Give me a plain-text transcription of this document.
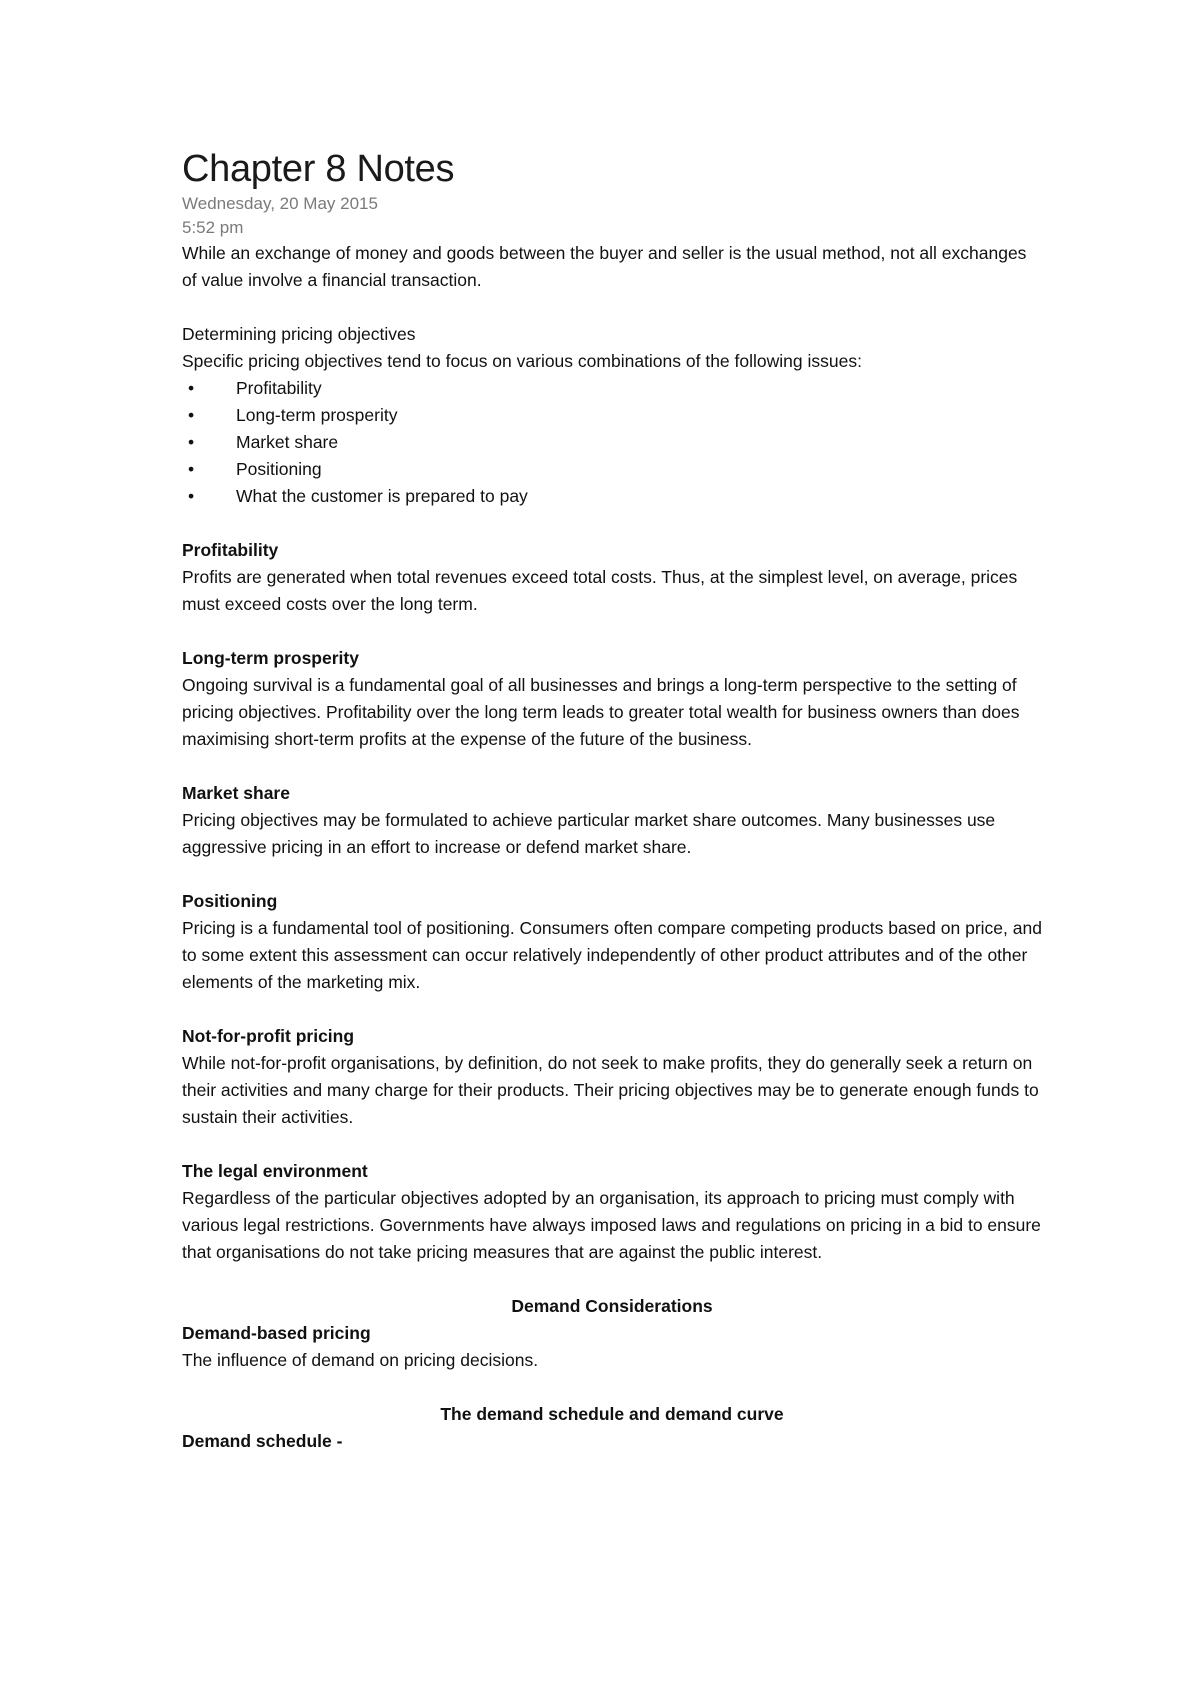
Chapter 8 Notes
Wednesday, 20 May 2015
5:52 pm

While an exchange of money and goods between the buyer and seller is the usual method, not all exchanges of value involve a financial transaction.

Determining pricing objectives

Specific pricing objectives tend to focus on various combinations of the following issues:

• Profitability
• Long-term prosperity
• Market share
• Positioning
• What the customer is prepared to pay
Profitability

Profits are generated when total revenues exceed total costs. Thus, at the simplest level, on average, prices must exceed costs over the long term.

Long-term prosperity

Ongoing survival is a fundamental goal of all businesses and brings a long-term perspective to the setting of pricing objectives. Profitability over the long term leads to greater total wealth for business owners than does maximising short-term profits at the expense of the future of the business.

Market share

Pricing objectives may be formulated to achieve particular market share outcomes. Many businesses use aggressive pricing in an effort to increase or defend market share.

Positioning

Pricing is a fundamental tool of positioning. Consumers often compare competing products based on price, and to some extent this assessment can occur relatively independently of other product attributes and of the other elements of the marketing mix.

Not-for-profit pricing

While not-for-profit organisations, by definition, do not seek to make profits, they do generally seek a return on their activities and many charge for their products. Their pricing objectives may be to generate enough funds to sustain their activities.

The legal environment

Regardless of the particular objectives adopted by an organisation, its approach to pricing must comply with various legal restrictions. Governments have always imposed laws and regulations on pricing in a bid to ensure that organisations do not take pricing measures that are against the public interest.

Demand Considerations
Demand-based pricing

The influence of demand on pricing decisions.

The demand schedule and demand curve
Demand schedule -
